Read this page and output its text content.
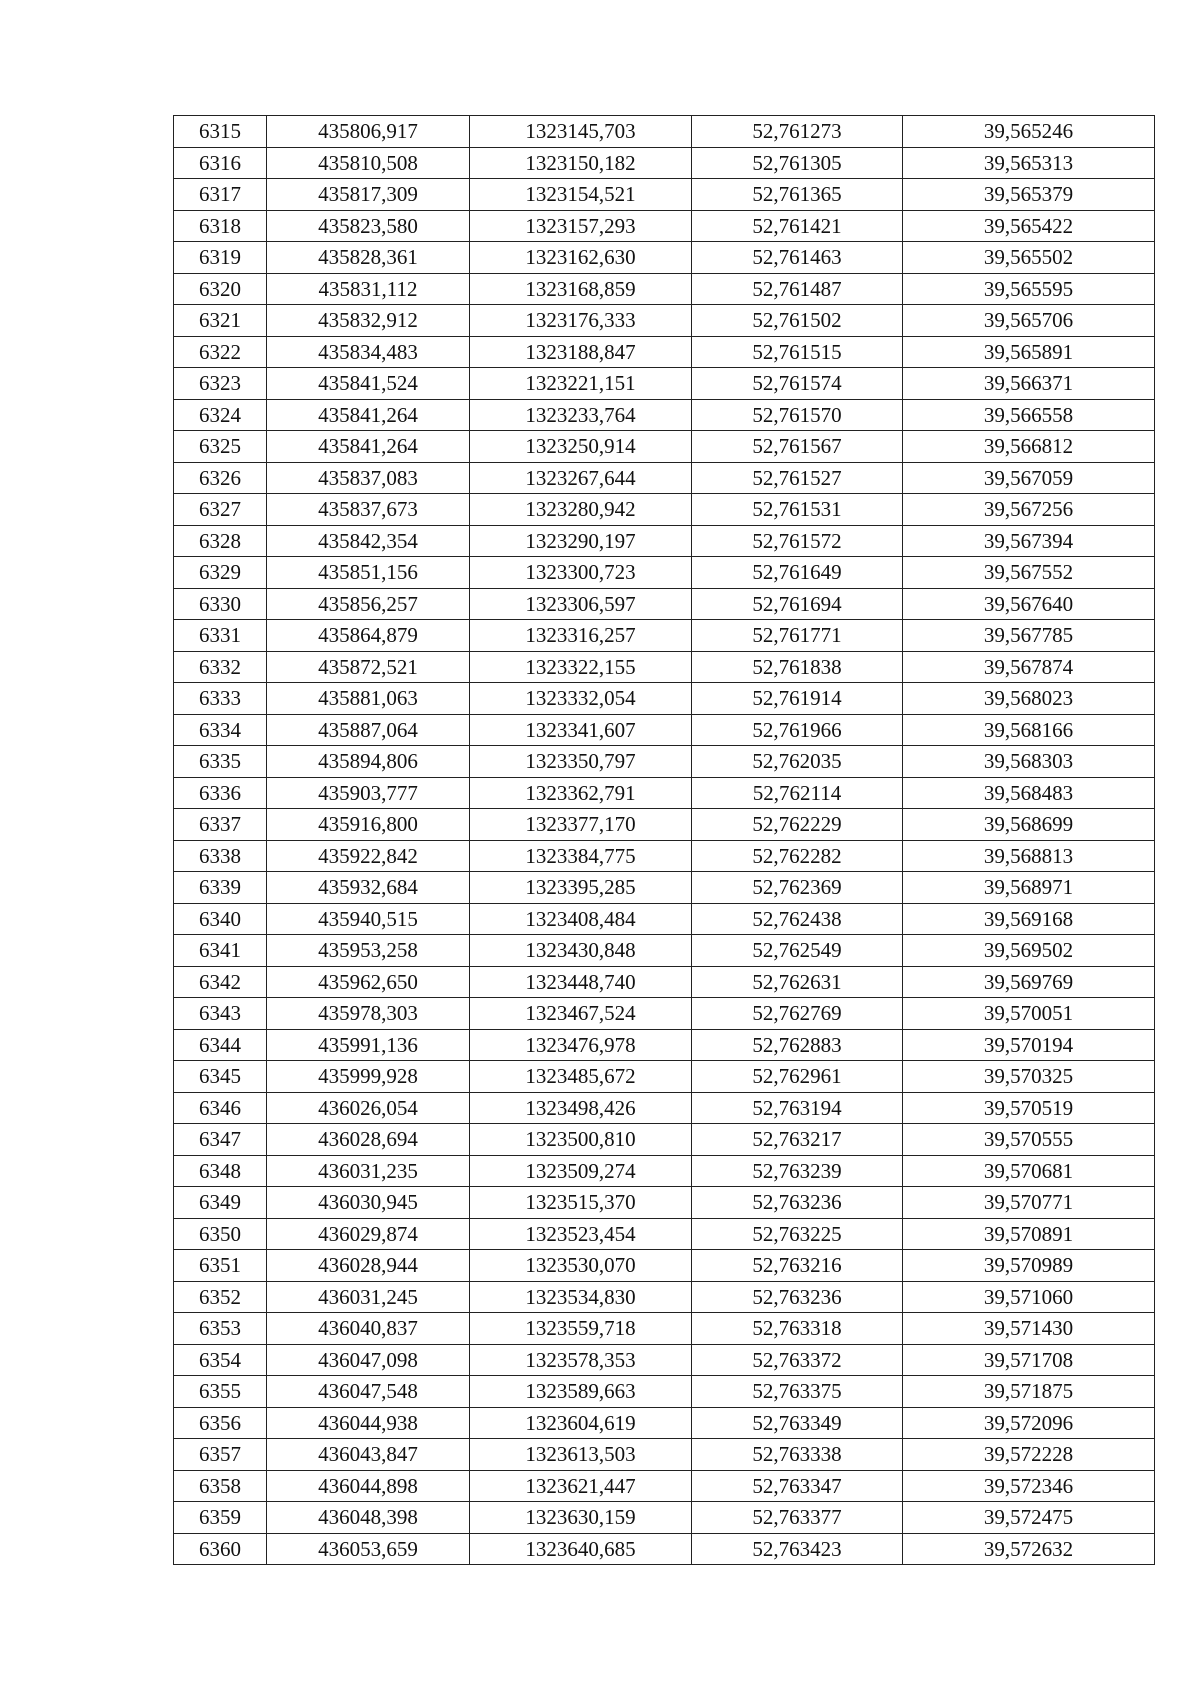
6315	435806,917	1323145,703	52,761273	39,565246
6316	435810,508	1323150,182	52,761305	39,565313
6317	435817,309	1323154,521	52,761365	39,565379
6318	435823,580	1323157,293	52,761421	39,565422
6319	435828,361	1323162,630	52,761463	39,565502
6320	435831,112	1323168,859	52,761487	39,565595
6321	435832,912	1323176,333	52,761502	39,565706
6322	435834,483	1323188,847	52,761515	39,565891
6323	435841,524	1323221,151	52,761574	39,566371
6324	435841,264	1323233,764	52,761570	39,566558
6325	435841,264	1323250,914	52,761567	39,566812
6326	435837,083	1323267,644	52,761527	39,567059
6327	435837,673	1323280,942	52,761531	39,567256
6328	435842,354	1323290,197	52,761572	39,567394
6329	435851,156	1323300,723	52,761649	39,567552
6330	435856,257	1323306,597	52,761694	39,567640
6331	435864,879	1323316,257	52,761771	39,567785
6332	435872,521	1323322,155	52,761838	39,567874
6333	435881,063	1323332,054	52,761914	39,568023
6334	435887,064	1323341,607	52,761966	39,568166
6335	435894,806	1323350,797	52,762035	39,568303
6336	435903,777	1323362,791	52,762114	39,568483
6337	435916,800	1323377,170	52,762229	39,568699
6338	435922,842	1323384,775	52,762282	39,568813
6339	435932,684	1323395,285	52,762369	39,568971
6340	435940,515	1323408,484	52,762438	39,569168
6341	435953,258	1323430,848	52,762549	39,569502
6342	435962,650	1323448,740	52,762631	39,569769
6343	435978,303	1323467,524	52,762769	39,570051
6344	435991,136	1323476,978	52,762883	39,570194
6345	435999,928	1323485,672	52,762961	39,570325
6346	436026,054	1323498,426	52,763194	39,570519
6347	436028,694	1323500,810	52,763217	39,570555
6348	436031,235	1323509,274	52,763239	39,570681
6349	436030,945	1323515,370	52,763236	39,570771
6350	436029,874	1323523,454	52,763225	39,570891
6351	436028,944	1323530,070	52,763216	39,570989
6352	436031,245	1323534,830	52,763236	39,571060
6353	436040,837	1323559,718	52,763318	39,571430
6354	436047,098	1323578,353	52,763372	39,571708
6355	436047,548	1323589,663	52,763375	39,571875
6356	436044,938	1323604,619	52,763349	39,572096
6357	436043,847	1323613,503	52,763338	39,572228
6358	436044,898	1323621,447	52,763347	39,572346
6359	436048,398	1323630,159	52,763377	39,572475
6360	436053,659	1323640,685	52,763423	39,572632
